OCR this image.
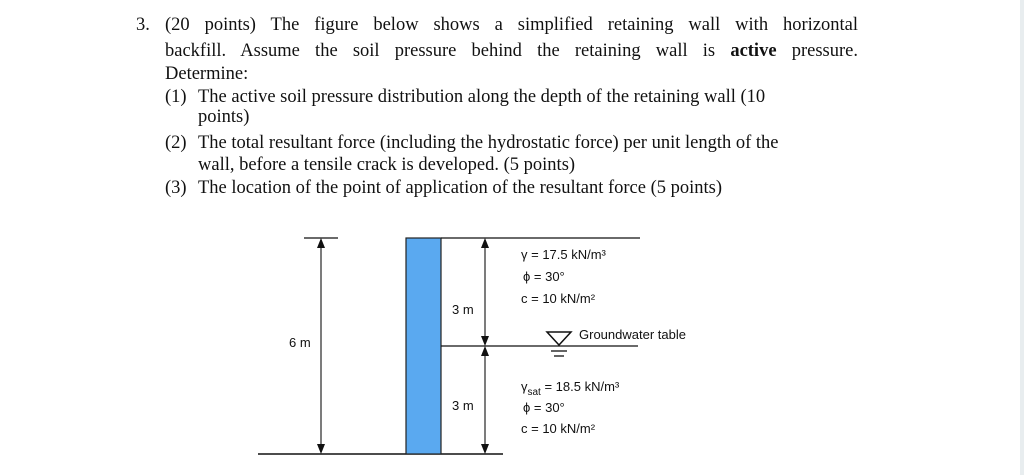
3. (20 points) The figure below shows a simplified retaining wall with horizontal
backfill. Assume the soil pressure behind the retaining wall is active pressure.
Determine:
(1) The active soil pressure distribution along the depth of the retaining wall (10
points)
(2) The total resultant force (including the hydrostatic force) per unit length of the
wall, before a tensile crack is developed. (5 points)
(3) The location of the point of application of the resultant force (5 points)
6 m
3 m
3 m
γ = 17.5 kN/m³
ϕ = 30°
c = 10 kN/m²
Groundwater table
$\gamma_{sat} = 18.5$ kN/m³
ϕ = 30°
c = 10 kN/m²
